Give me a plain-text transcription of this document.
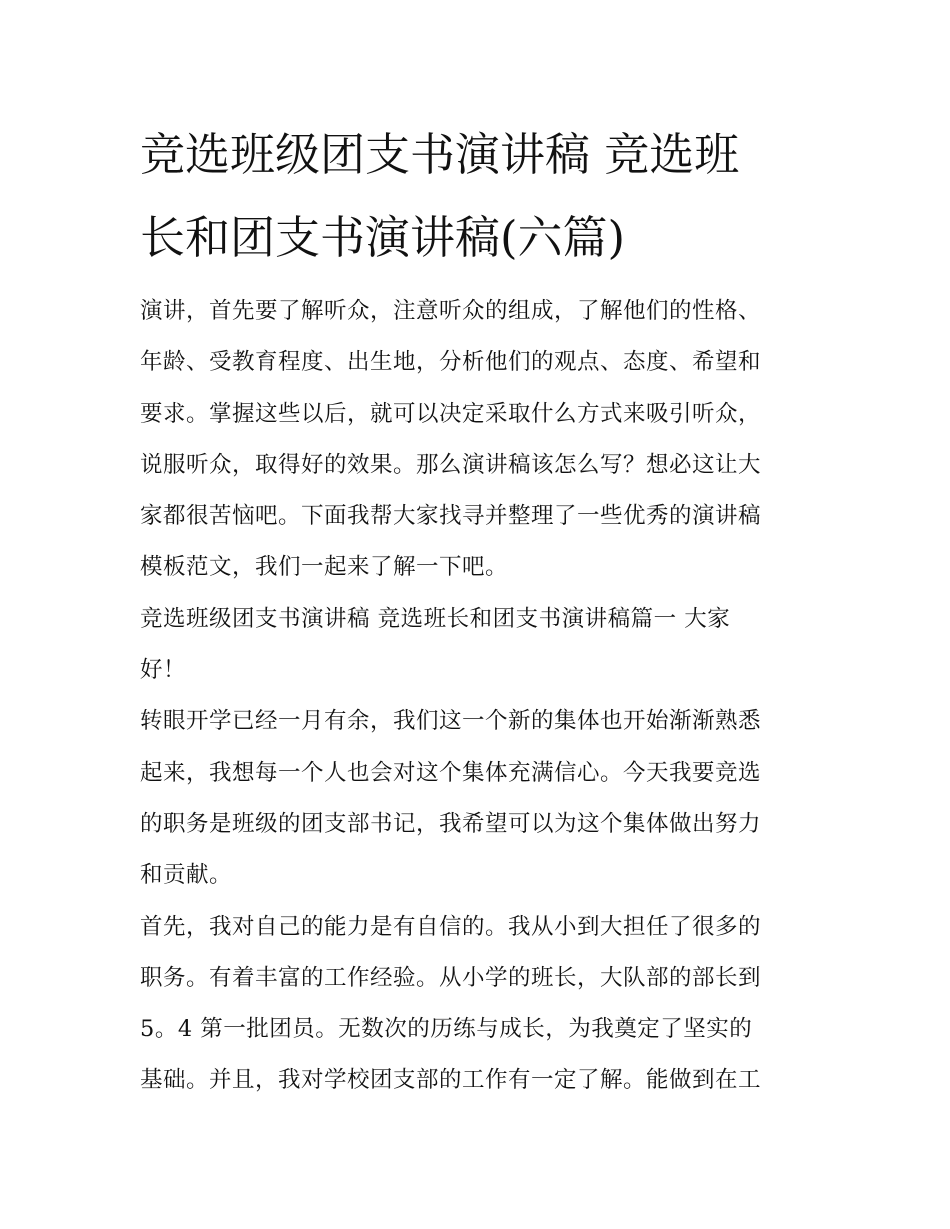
竞选班级团支书演讲稿 竞选班
长和团支书演讲稿(六篇)
演讲，首先要了解听众，注意听众的组成，了解他们的性格、
年龄、受教育程度、出生地，分析他们的观点、态度、希望和
要求。掌握这些以后，就可以决定采取什么方式来吸引听众，
说服听众，取得好的效果。那么演讲稿该怎么写？想必这让大
家都很苦恼吧。下面我帮大家找寻并整理了一些优秀的演讲稿
模板范文，我们一起来了解一下吧。
竞选班级团支书演讲稿 竞选班长和团支书演讲稿篇一 大家
好！
转眼开学已经一月有余，我们这一个新的集体也开始渐渐熟悉
起来，我想每一个人也会对这个集体充满信心。今天我要竞选
的职务是班级的团支部书记，我希望可以为这个集体做出努力
和贡献。
首先，我对自己的能力是有自信的。我从小到大担任了很多的
职务。有着丰富的工作经验。从小学的班长，大队部的部长到
5。4 第一批团员。无数次的历练与成长，为我奠定了坚实的
基础。并且，我对学校团支部的工作有一定了解。能做到在工
